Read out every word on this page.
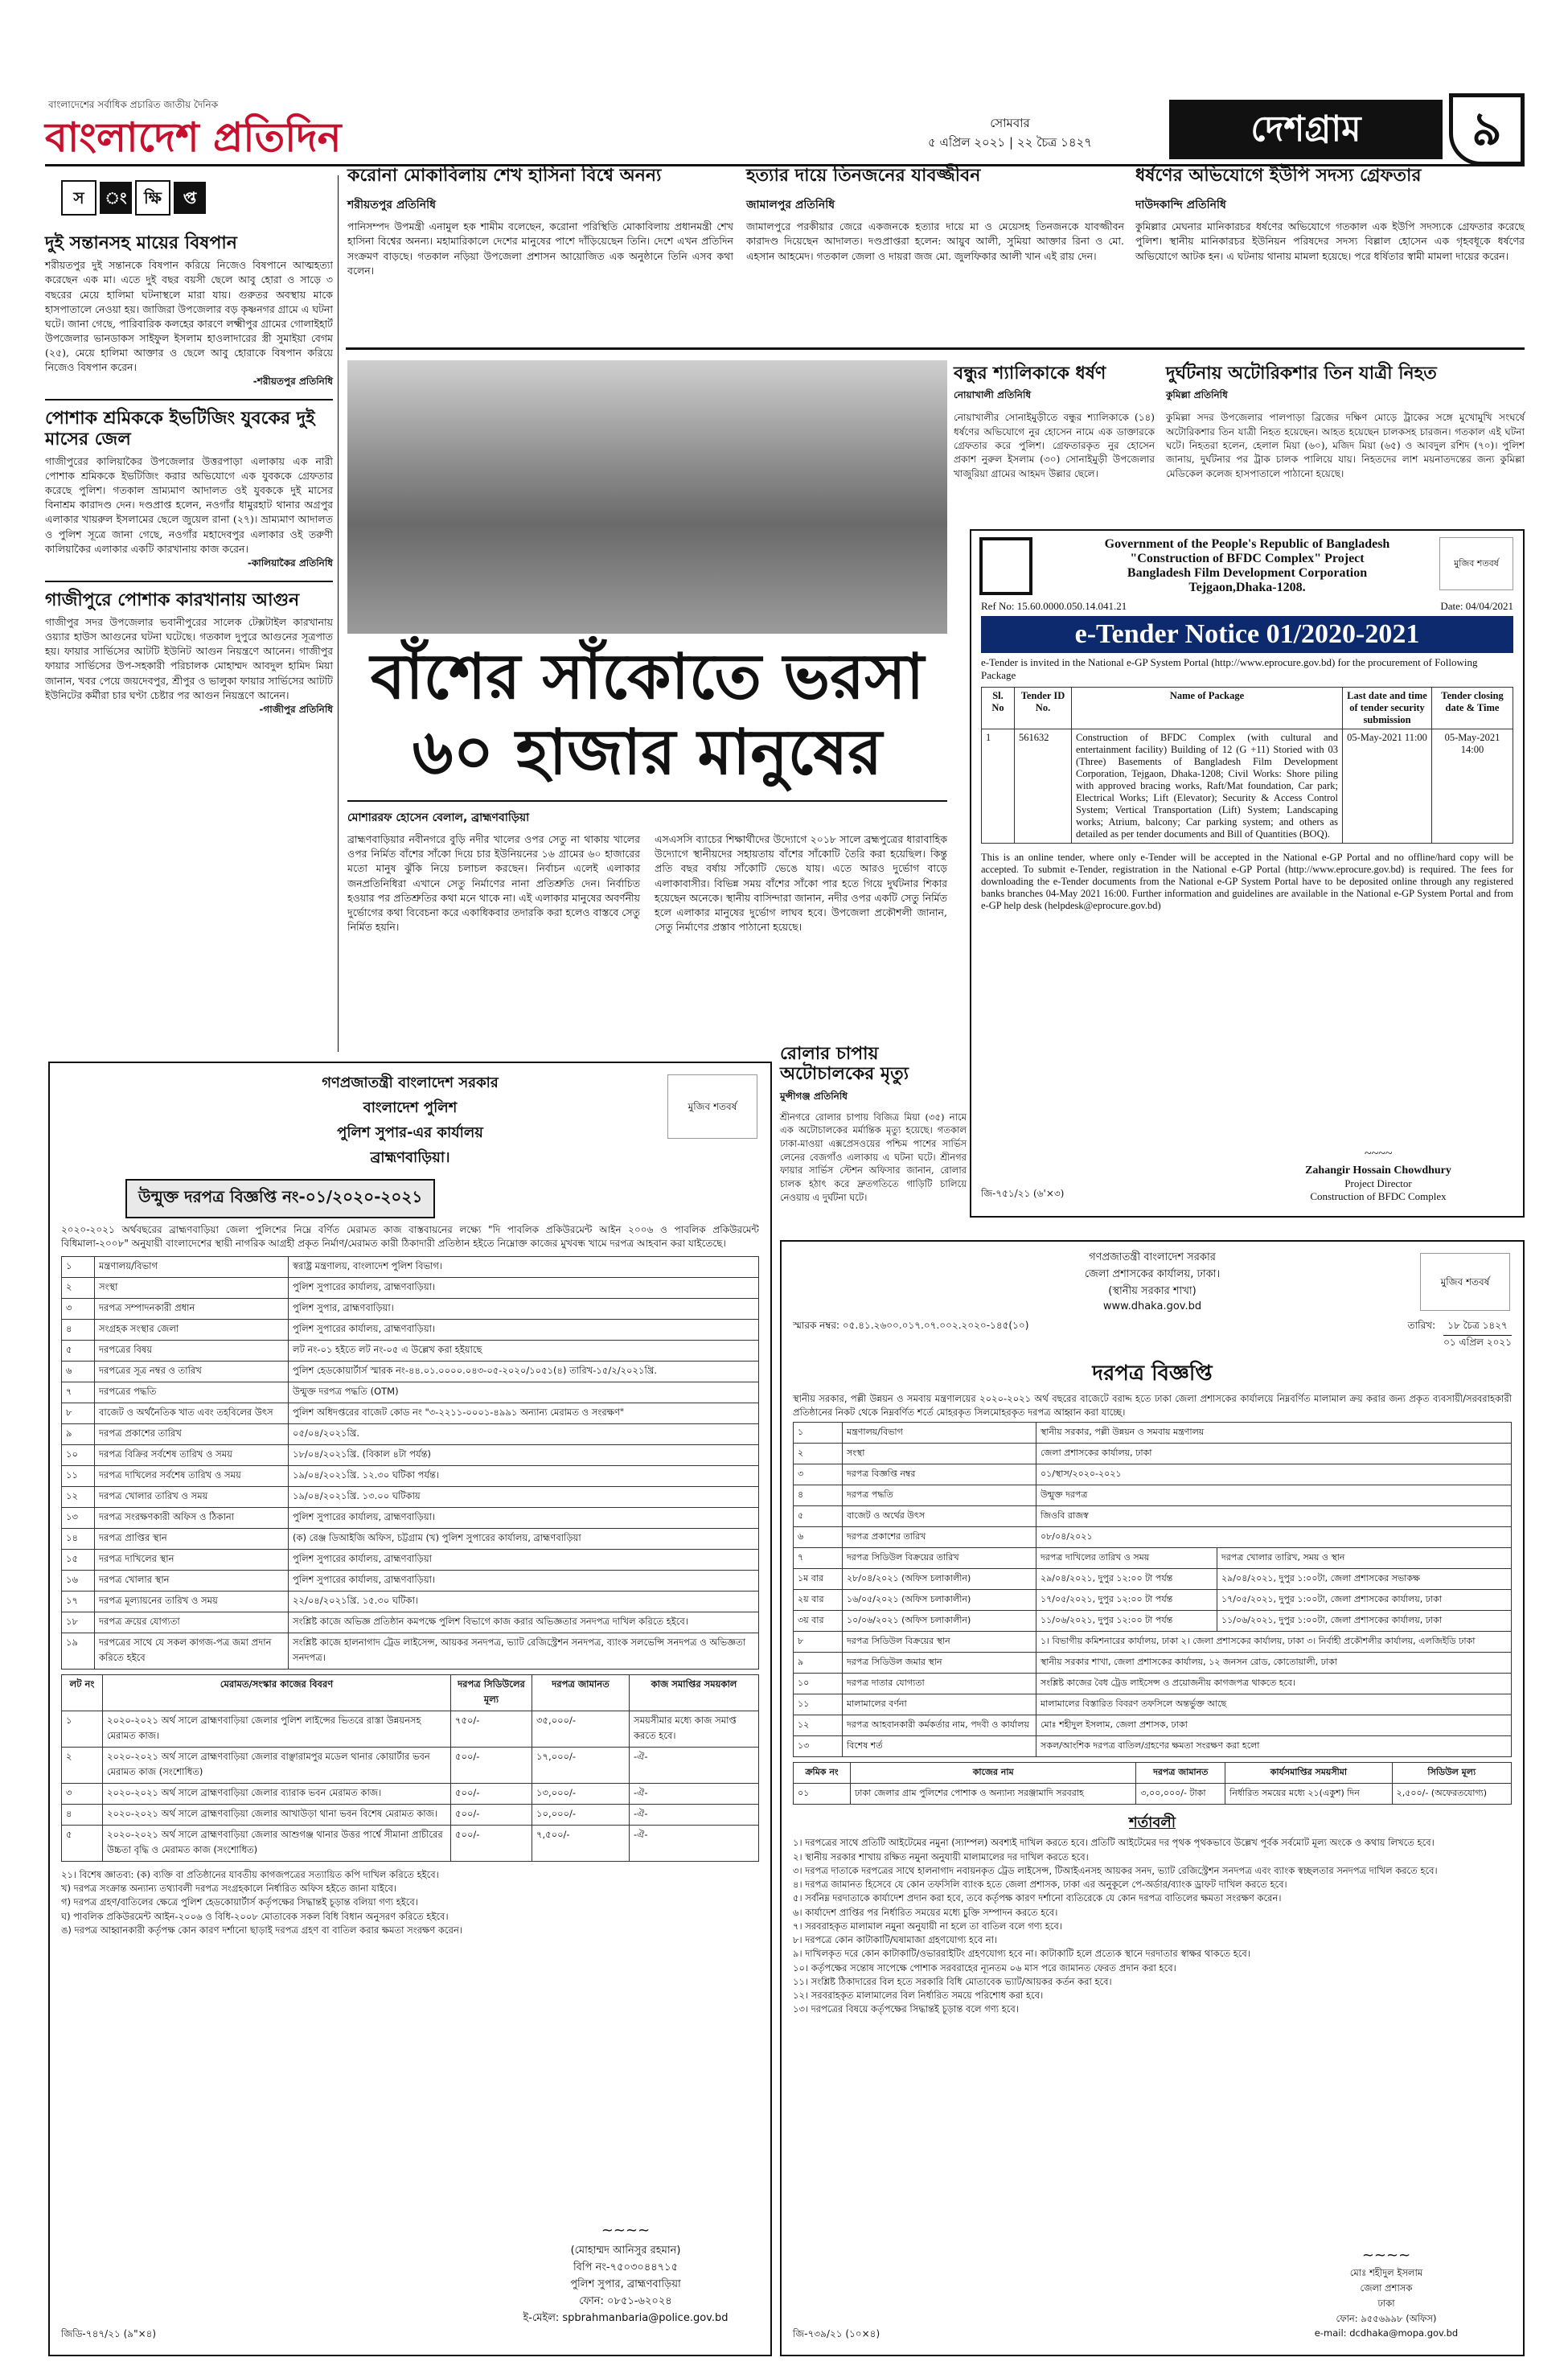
বাংলাদেশের সর্বাধিক প্রচারিত জাতীয় দৈনিক
বাংলাদেশ প্রতিদিন	সোমবার
৫ এপ্রিল ২০২১ | ২২ চৈত্র ১৪২৭	দেশগ্রাম	৯
স ং ক্ষি প্ত
দুই সন্তানসহ মায়ের বিষপান
শরীয়তপুর দুই সন্তানকে বিষপান করিয়ে নিজেও বিষপানে আত্মহত্যা করেছেন এক মা। এতে দুই বছর বয়সী ছেলে আবু হোরা ও সাড়ে ৩ বছরের মেয়ে হালিমা ঘটনাস্থলে মারা যায়। গুরুতর অবস্থায় মাকে হাসপাতালে নেওয়া হয়। জাজিরা উপজেলার বড় কৃষ্ণনগর গ্রামে এ ঘটনা ঘটে। জানা গেছে, পারিবারিক কলহের কারণে লক্ষ্মীপুর গ্রামের গোলাইহার্ট উপজেলার ভানডাকস সাইফুল ইসলাম হাওলাদারের স্ত্রী সুমাইয়া বেগম (২৫), মেয়ে হালিমা আক্তার ও ছেলে আবু হোরাকে বিষপান করিয়ে নিজেও বিষপান করেন।
-শরীয়তপুর প্রতিনিধি
পোশাক শ্রমিককে ইভটিজিং যুবকের দুই মাসের জেল
গাজীপুরের কালিয়াকৈর উপজেলার উত্তরপাড়া এলাকায় এক নারী পোশাক শ্রমিককে ইভটিজিং করার অভিযোগে এক যুবককে গ্রেফতার করেছে পুলিশ। গতকাল ভ্রাম্যমাণ আদালত ওই যুবককে দুই মাসের বিনাশ্রম কারাদণ্ড দেন। দণ্ডপ্রাপ্ত হলেন, নওগাঁর ধামুরহাট থানার অগ্রপুর এলাকার খায়রুল ইসলামের ছেলে জুয়েল রানা (২৭)। ভ্রাম্যমাণ আদালত ও পুলিশ সূত্রে জানা গেছে, নওগাঁর মহাদেবপুর এলাকার ওই তরুণী কালিয়াকৈর এলাকার একটি কারখানায় কাজ করেন।
-কালিয়াকৈর প্রতিনিধি
গাজীপুরে পোশাক কারখানায় আগুন
গাজীপুর সদর উপজেলার ভবানীপুরের সালেক টেক্সটাইল কারখানায় ওয়্যার হাউস আগুনের ঘটনা ঘটেছে। গতকাল দুপুরে আগুনের সূত্রপাত হয়। ফায়ার সার্ভিসের আটটি ইউনিট আগুন নিয়ন্ত্রণে আনেন। গাজীপুর ফায়ার সার্ভিসের উপ-সহকারী পরিচালক মোহাম্মদ আবদুল হামিদ মিয়া জানান, খবর পেয়ে জয়দেবপুর, শ্রীপুর ও ভালুকা ফায়ার সার্ভিসের আটটি ইউনিটের কর্মীরা চার ঘণ্টা চেষ্টার পর আগুন নিয়ন্ত্রণে আনেন।
-গাজীপুর প্রতিনিধি
করোনা মোকাবিলায় শেখ হাসিনা বিশ্বে অনন্য
শরীয়তপুর প্রতিনিধি
পানিসম্পদ উপমন্ত্রী এনামুল হক শামীম বলেছেন, করোনা পরিস্থিতি মোকাবিলায় প্রধানমন্ত্রী শেখ হাসিনা বিশ্বের অনন্য। মহামারিকালে দেশের মানুষের পাশে দাঁড়িয়েছেন তিনি। দেশে এখন প্রতিদিন সংক্রমণ বাড়ছে। গতকাল নড়িয়া উপজেলা প্রশাসন আয়োজিত এক অনুষ্ঠানে তিনি এসব কথা বলেন।
হত্যার দায়ে তিনজনের যাবজ্জীবন
জামালপুর প্রতিনিধি
জামালপুরে পরকীয়ার জেরে একজনকে হত্যার দায়ে মা ও মেয়েসহ তিনজনকে যাবজ্জীবন কারাদণ্ড দিয়েছেন আদালত। দণ্ডপ্রাপ্তরা হলেন: আয়ুব আলী, সুমিয়া আক্তার রিনা ও মো. এহসান আহমেদ। গতকাল জেলা ও দায়রা জজ মো. জুলফিকার আলী খান এই রায় দেন।
ধর্ষণের অভিযোগে ইউপি সদস্য গ্রেফতার
দাউদকান্দি প্রতিনিধি
কুমিল্লার মেঘনার মানিকারচর ধর্ষণের অভিযোগে গতকাল এক ইউপি সদস্যকে গ্রেফতার করেছে পুলিশ। স্থানীয় মানিকারচর ইউনিয়ন পরিষদের সদস্য বিল্লাল হোসেন এক গৃহবধূকে ধর্ষণের অভিযোগে আটক হন। এ ঘটনায় থানায় মামলা হয়েছে। পরে ধর্ষিতার স্বামী মামলা দায়ের করেন।
বাঁশের সাঁকোতে ভরসা
৬০ হাজার মানুষের
মোশাররফ হোসেন বেলাল, ব্রাহ্মণবাড়িয়া
ব্রাহ্মণবাড়িয়ার নবীনগরে বুড়ি নদীর খালের ওপর সেতু না থাকায় খালের ওপর নির্মিত বাঁশের সাঁকো দিয়ে চার ইউনিয়নের ১৬ গ্রামের ৬০ হাজারের মতো মানুষ ঝুঁকি নিয়ে চলাচল করছেন। নির্বাচন এলেই এলাকার জনপ্রতিনিধিরা এখানে সেতু নির্মাণের নানা প্রতিশ্রুতি দেন। নির্বাচিত হওয়ার পর প্রতিশ্রুতির কথা মনে থাকে না। এই এলাকার মানুষের অবর্ণনীয় দুর্ভোগের কথা বিবেচনা করে একাধিকবার তদারকি করা হলেও বাস্তবে সেতু নির্মিত হয়নি।
এসএসসি ব্যাচের শিক্ষার্থীদের উদ্যোগে ২০১৮ সালে ব্রহ্মপুত্রের ধারাবাহিক উদ্যোগে স্থানীয়দের সহায়তায় বাঁশের সাঁকোটি তৈরি করা হয়েছিল। কিন্তু প্রতি বছর বর্ষায় সাঁকোটি ভেঙে যায়। এতে আরও দুর্ভোগ বাড়ে এলাকাবাসীর। বিভিন্ন সময় বাঁশের সাঁকো পার হতে গিয়ে দুর্ঘটনার শিকার হয়েছেন অনেকে। স্থানীয় বাসিন্দারা জানান, নদীর ওপর একটি সেতু নির্মিত হলে এলাকার মানুষের দুর্ভোগ লাঘব হবে। উপজেলা প্রকৌশলী জানান, সেতু নির্মাণের প্রস্তাব পাঠানো হয়েছে।
বন্ধুর শ্যালিকাকে ধর্ষণ
নোয়াখালী প্রতিনিধি
নোয়াখালীর সোনাইমুড়ীতে বন্ধুর শ্যালিকাকে (১৪) ধর্ষণের অভিযোগে নুর হোসেন নামে এক ডাক্তারকে গ্রেফতার করে পুলিশ। গ্রেফতারকৃত নুর হোসেন প্রকাশ নুরুল ইসলাম (৩০) সোনাইমুড়ী উপজেলার খাজুরিয়া গ্রামের আহমদ উল্লার ছেলে।
দুর্ঘটনায় অটোরিকশার তিন যাত্রী নিহত
কুমিল্লা প্রতিনিধি
কুমিল্লা সদর উপজেলার পালপাড়া ব্রিজের দক্ষিণ মোড়ে ট্রাকের সঙ্গে মুখোমুখি সংঘর্ষে অটোরিকশার তিন যাত্রী নিহত হয়েছেন। আহত হয়েছেন চালকসহ চারজন। গতকাল এই ঘটনা ঘটে। নিহতরা হলেন, হেলাল মিয়া (৬০), মজিদ মিয়া (৬৫) ও আবদুল রশিদ (৭০)। পুলিশ জানায়, দুর্ঘটনার পর ট্রাক চালক পালিয়ে যায়। নিহতদের লাশ ময়নাতদন্তের জন্য কুমিল্লা মেডিকেল কলেজ হাসপাতালে পাঠানো হয়েছে।
রোলার চাপায় অটোচালকের মৃত্যু
মুন্সীগঞ্জ প্রতিনিধি
শ্রীনগরে রোলার চাপায় বিজিত্র মিয়া (৩৫) নামে এক অটোচালকের মর্মান্তিক মৃত্যু হয়েছে। গতকাল ঢাকা-মাওয়া এক্সপ্রেসওয়ের পশ্চিম পাশের সার্ভিস লেনের বেজগাঁও এলাকায় এ ঘটনা ঘটে। শ্রীনগর ফায়ার সার্ভিস স্টেশন অফিসার জানান, রোলার চালক হঠাৎ করে দ্রুতগতিতে গাড়িটি চালিয়ে নেওয়ায় এ দুর্ঘটনা ঘটে।
মুজিব শতবর্ষ
Government of the People's Republic of Bangladesh
"Construction of BFDC Complex" Project
Bangladesh Film Development Corporation
Tejgaon,Dhaka-1208.
Ref No: 15.60.0000.050.14.041.21	Date: 04/04/2021
e-Tender Notice 01/2020-2021
e-Tender is invited in the National e-GP System Portal (http://www.eprocure.gov.bd) for the procurement of Following Package
Sl. No	Tender ID No.	Name of Package	Last date and time of tender security submission	Tender closing date & Time
1	561632	Construction of BFDC Complex (with cultural and entertainment facility) Building of 12 (G +11) Storied with 03 (Three) Basements of Bangladesh Film Development Corporation, Tejgaon, Dhaka-1208; Civil Works: Shore piling with approved bracing works, Raft/Mat foundation, Car park; Electrical Works; Lift (Elevator); Security & Access Control System; Vertical Transportation (Lift) System; Landscaping works; Atrium, balcony; Car parking system; and others as detailed as per tender documents and Bill of Quantities (BOQ).	05-May-2021 11:00	05-May-2021 14:00
This is an online tender, where only e-Tender will be accepted in the National e-GP Portal and no offline/hard copy will be accepted. To submit e-Tender, registration in the National e-GP Portal (http://www.eprocure.gov.bd) is required. The fees for downloading the e-Tender documents from the National e-GP System Portal have to be deposited online through any registered banks branches 04-May 2021 16:00. Further information and guidelines are available in the National e-GP System Portal and from e-GP help desk (helpdesk@eprocure.gov.bd)
~~~~
Zahangir Hossain Chowdhury
Project Director
Construction of BFDC Complex
জি-৭৫১/২১ (৬'×৩)
মুজিব শতবর্ষ
গণপ্রজাতন্ত্রী বাংলাদেশ সরকার
বাংলাদেশ পুলিশ
পুলিশ সুপার-এর কার্যালয়
ব্রাহ্মণবাড়িয়া।
উন্মুক্ত দরপত্র বিজ্ঞপ্তি নং-০১/২০২০-২০২১
২০২০-২০২১ অর্থবছরের ব্রাহ্মণবাড়িয়া জেলা পুলিশের নিম্নে বর্ণিত মেরামত কাজ বাস্তবায়নের লক্ষ্যে "দি পাবলিক প্রকিউরমেন্ট আইন ২০০৬ ও পাবলিক প্রকিউরমেন্ট বিধিমালা-২০০৮" অনুযায়ী বাংলাদেশের স্থায়ী নাগরিক আগ্রহী প্রকৃত নির্মাণ/মেরামত কারী ঠিকাদারী প্রতিষ্ঠান হইতে নিম্নোক্ত কাজের মুখবন্ধ খামে দরপত্র আহবান করা যাইতেছে।
১	মন্ত্রণালয়/বিভাগ	স্বরাষ্ট্র মন্ত্রণালয়, বাংলাদেশ পুলিশ বিভাগ।
২	সংস্থা	পুলিশ সুপারের কার্যালয়, ব্রাহ্মণবাড়িয়া।
৩	দরপত্র সম্পাদনকারী প্রধান	পুলিশ সুপার, ব্রাহ্মণবাড়িয়া।
৪	সংগ্রহক সংস্থার জেলা	পুলিশ সুপারের কার্যালয়, ব্রাহ্মণবাড়িয়া।
৫	দরপত্রের বিষয়	লট নং-০১ হইতে লট নং-০৫ এ উল্লেখ করা হইয়াছে
৬	দরপত্রের সূত্র নম্বর ও তারিখ	পুলিশ হেডকোয়ার্টার্স স্মারক নং-৪৪.০১.০০০০.০৪৩-০৫-২০২০/১০৫১(৪) তারিখ-১৫/২/২০২১খ্রি.
৭	দরপত্রের পদ্ধতি	উন্মুক্ত দরপত্র পদ্ধতি (OTM)
৮	বাজেট ও অর্থনৈতিক খাত এবং তহবিলের উৎস	পুলিশ অধিদপ্তরের বাজেট কোড নং "৩-২২১১-০০০১-৪৯৯১ অন্যান্য মেরামত ও সংরক্ষণ"
৯	দরপত্র প্রকাশের তারিখ	০৫/০৪/২০২১খ্রি.
১০	দরপত্র বিক্রির সর্বশেষ তারিখ ও সময়	১৮/০৪/২০২১খ্রি. (বিকাল ৪টা পর্যন্ত)
১১	দরপত্র দাখিলের সর্বশেষ তারিখ ও সময়	১৯/০৪/২০২১খ্রি. ১২.৩০ ঘটিকা পর্যন্ত।
১২	দরপত্র খোলার তারিখ ও সময়	১৯/০৪/২০২১খ্রি. ১৩.০০ ঘটিকায়
১৩	দরপত্র সংরক্ষণকারী অফিস ও ঠিকানা	পুলিশ সুপারের কার্যালয়, ব্রাহ্মণবাড়িয়া।
১৪	দরপত্র প্রাপ্তির স্থান	(ক) রেঞ্জ ডিআইজি অফিস, চট্টগ্রাম (খ) পুলিশ সুপারের কার্যালয়, ব্রাহ্মণবাড়িয়া
১৫	দরপত্র দাখিলের স্থান	পুলিশ সুপারের কার্যালয়, ব্রাহ্মণবাড়িয়া
১৬	দরপত্র খোলার স্থান	পুলিশ সুপারের কার্যালয়, ব্রাহ্মণবাড়িয়া।
১৭	দরপত্র মূল্যায়নের তারিখ ও সময়	২২/০৪/২০২১খ্রি. ১৫.৩০ ঘটিকা।
১৮	দরপত্র ক্রয়ের যোগ্যতা	সংশ্লিষ্ট কাজে অভিজ্ঞ প্রতিষ্ঠান কমপক্ষে পুলিশ বিভাগে কাজ করার অভিজ্ঞতার সনদপত্র দাখিল করিতে হইবে।
১৯	দরপত্রের সাথে যে সকল কাগজ-পত্র জমা প্রদান করিতে হইবে	সংশ্লিষ্ট কাজে হালনাগাদ ট্রেড লাইসেন্স, আয়কর সনদপত্র, ভ্যাট রেজিস্ট্রেশন সনদপত্র, ব্যাংক সলভেন্সি সনদপত্র ও অভিজ্ঞতা সনদপত্র।
লট নং	মেরামত/সংস্কার কাজের বিবরণ	দরপত্র সিডিউলের মূল্য	দরপত্র জামানত	কাজ সমাপ্তির সময়কাল
১	২০২০-২০২১ অর্থ সালে ব্রাহ্মণবাড়িয়া জেলার পুলিশ লাইন্সের ভিতরে রাস্তা উন্নয়নসহ মেরামত কাজ।	৭৫০/-	৩৫,০০০/-	সময়সীমার মধ্যে কাজ সমাপ্ত করতে হবে।
২	২০২০-২০২১ অর্থ সালে ব্রাহ্মণবাড়িয়া জেলার বাঞ্ছারামপুর মডেল থানার কোয়ার্টার ভবন মেরামত কাজ (সংশোধিত)	৫০০/-	১৭,০০০/-	-ঐ-
৩	২০২০-২০২১ অর্থ সালে ব্রাহ্মণবাড়িয়া জেলার ব্যারাক ভবন মেরামত কাজ।	৫০০/-	১৩,০০০/-	-ঐ-
৪	২০২০-২০২১ অর্থ সালে ব্রাহ্মণবাড়িয়া জেলার আখাউড়া থানা ভবন বিশেষ মেরামত কাজ।	৫০০/-	১০,০০০/-	-ঐ-
৫	২০২০-২০২১ অর্থ সালে ব্রাহ্মণবাড়িয়া জেলার আশুগঞ্জ থানার উত্তর পার্শ্বে সীমানা প্রাচীরের উচ্চতা বৃদ্ধি ও মেরামত কাজ (সংশোধিত)	৫০০/-	৭,৫০০/-	-ঐ-
২১। বিশেষ জ্ঞাতব্য: (ক) ব্যক্তি বা প্রতিষ্ঠানের যাবতীয় কাগজপত্রের সত্যায়িত কপি দাখিল করিতে হইবে।
খ) দরপত্র সংক্রান্ত অন্যান্য তথ্যাবলী দরপত্র সংগ্রহকালে নির্ধারিত অফিস হইতে জানা যাইবে।
গ) দরপত্র গ্রহণ/বাতিলের ক্ষেত্রে পুলিশ হেডকোয়ার্টার্স কর্তৃপক্ষের সিদ্ধান্তই চূড়ান্ত বলিয়া গণ্য হইবে।
ঘ) পাবলিক প্রকিউরমেন্ট আইন-২০০৬ ও বিধি-২০০৮ মোতাবেক সকল বিধি বিধান অনুসরণ করিতে হইবে।
ঙ) দরপত্র আহ্বানকারী কর্তৃপক্ষ কোন কারণ দর্শানো ছাড়াই দরপত্র গ্রহণ বা বাতিল করার ক্ষমতা সংরক্ষণ করেন।
~~~~
(মোহাম্মদ আনিসুর রহমান)
বিপি নং-৭৫০৩০৪৪৭১৫
পুলিশ সুপার, ব্রাহ্মণবাড়িয়া
ফোন: ০৮৫১-৬২০২৪
ই-মেইল: spbrahmanbaria@police.gov.bd
জিডি-৭৪৭/২১ (৯"×৪)
মুজিব শতবর্ষ
গণপ্রজাতন্ত্রী বাংলাদেশ সরকার
জেলা প্রশাসকের কার্যালয়, ঢাকা।
(স্থানীয় সরকার শাখা)
www.dhaka.gov.bd
স্মারক নম্বর: ০৫.৪১.২৬০০.০১৭.০৭.০০২.২০২০-১৪৫(১০)	তারিখ:	১৮ চৈত্র ১৪২৭
০১ এপ্রিল ২০২১
দরপত্র বিজ্ঞপ্তি
স্থানীয় সরকার, পল্লী উন্নয়ন ও সমবায় মন্ত্রণালয়ের ২০২০-২০২১ অর্থ বছরের বাজেটে বরাদ্দ হতে ঢাকা জেলা প্রশাসকের কার্যালয়ে নিম্নবর্ণিত মালামাল ক্রয় করার জন্য প্রকৃত ব্যবসায়ী/সরবরাহকারী প্রতিষ্ঠানের নিকট থেকে নিম্নবর্ণিত শর্তে মোহরকৃত সিলমোহরকৃত দরপত্র আহ্বান করা যাচ্ছে।
১	মন্ত্রণালয়/বিভাগ	স্থানীয় সরকার, পল্লী উন্নয়ন ও সমবায় মন্ত্রণালয়	
২	সংস্থা	জেলা প্রশাসকের কার্যালয়, ঢাকা	
৩	দরপত্র বিজ্ঞপ্তি নম্বর	০১/স্থাস/২০২০-২০২১	
৪	দরপত্র পদ্ধতি	উন্মুক্ত দরপত্র	
৫	বাজেট ও অর্থের উৎস	জিওবি রাজস্ব	
৬	দরপত্র প্রকাশের তারিখ	০৮/০৪/২০২১	
৭	দরপত্র সিডিউল বিক্রয়ের তারিখ	দরপত্র দাখিলের তারিখ ও সময়	দরপত্র খোলার তারিখ, সময় ও স্থান
১ম বার	২৮/০৪/২০২১ (অফিস চলাকালীন)	২৯/০৪/২০২১, দুপুর ১২:০০ টা পর্যন্ত	২৯/০৪/২০২১, দুপুর ১:০০টা, জেলা প্রশাসকের সভাকক্ষ
২য় বার	১৬/০৫/২০২১ (অফিস চলাকালীন)	১৭/০৫/২০২১, দুপুর ১২:০০ টা পর্যন্ত	১৭/০৫/২০২১, দুপুর ১:০০টা, জেলা প্রশাসকের কার্যালয়, ঢাকা
৩য় বার	১০/০৬/২০২১ (অফিস চলাকালীন)	১১/০৬/২০২১, দুপুর ১২:০০ টা পর্যন্ত	১১/০৬/২০২১, দুপুর ১:০০টা, জেলা প্রশাসকের কার্যালয়, ঢাকা
৮	দরপত্র সিডিউল বিক্রয়ের স্থান	১। বিভাগীয় কমিশনারের কার্যালয়, ঢাকা ২। জেলা প্রশাসকের কার্যালয়, ঢাকা ৩। নির্বাহী প্রকৌশলীর কার্যালয়, এলজিইডি ঢাকা	
৯	দরপত্র সিডিউল জমার স্থান	স্থানীয় সরকার শাখা, জেলা প্রশাসকের কার্যালয়, ১২ জনসন রোড, কোতোয়ালী, ঢাকা	
১০	দরপত্র দাতার যোগ্যতা	সংশ্লিষ্ট কাজের বৈধ ট্রেড লাইসেন্স ও প্রয়োজনীয় কাগজপত্র থাকতে হবে।	
১১	মালামালের বর্ণনা	মালামালের বিস্তারিত বিবরণ তফসিলে অন্তর্ভুক্ত আছে	
১২	দরপত্র আহবানকারী কর্মকর্তার নাম, পদবী ও কার্যালয়	মোঃ শহীদুল ইসলাম, জেলা প্রশাসক, ঢাকা	
১৩	বিশেষ শর্ত	সকল/আংশিক দরপত্র বাতিল/গ্রহণের ক্ষমতা সংরক্ষণ করা হলো	
ক্রমিক নং	কাজের নাম	দরপত্র জামানত	কার্যসমাপ্তির সময়সীমা	সিডিউল মূল্য
০১	ঢাকা জেলার গ্রাম পুলিশের পোশাক ও অন্যান্য সরঞ্জামাদি সরবরাহ	৩,০০,০০০/- টাকা	নির্ধারিত সময়ের মধ্যে ২১(একুশ) দিন	২,৫০০/- (অফেরতযোগ্য)
শর্তাবলী
১। দরপত্রের সাথে প্রতিটি আইটেমের নমুনা (স্যাম্পল) অবশ্যই দাখিল করতে হবে। প্রতিটি আইটেমের দর পৃথক পৃথকভাবে উল্লেখ পূর্বক সর্বমোট মূল্য অংকে ও কথায় লিখতে হবে।
২। স্থানীয় সরকার শাখায় রক্ষিত নমুনা অনুযায়ী মালামালের দর দাখিল করতে হবে।
৩। দরপত্র দাতাকে দরপত্রের সাথে হালনাগাদ নবায়নকৃত ট্রেড লাইসেন্স, টিআইএনসহ আয়কর সনদ, ভ্যাট রেজিস্ট্রেশন সনদপত্র এবং ব্যাংক স্বচ্ছলতার সনদপত্র দাখিল করতে হবে।
৪। দরপত্র জামানত হিসেবে যে কোন তফসিলি ব্যাংক হতে জেলা প্রশাসক, ঢাকা এর অনুকূলে পে-অর্ডার/ব্যাংক ড্রাফট দাখিল করতে হবে।
৫। সর্বনিম্ন দরদাতাকে কার্যাদেশ প্রদান করা হবে, তবে কর্তৃপক্ষ কারণ দর্শানো ব্যতিরেকে যে কোন দরপত্র বাতিলের ক্ষমতা সংরক্ষণ করেন।
৬। কার্যাদেশ প্রাপ্তির পর নির্ধারিত সময়ের মধ্যে চুক্তি সম্পাদন করতে হবে।
৭। সরবরাহকৃত মালামাল নমুনা অনুযায়ী না হলে তা বাতিল বলে গণ্য হবে।
৮। দরপত্রে কোন কাটাকাটি/ঘষামাজা গ্রহণযোগ্য হবে না।
৯। দাখিলকৃত দরে কোন কাটাকাটি/ওভাররাইটিং গ্রহণযোগ্য হবে না। কাটাকাটি হলে প্রত্যেক স্থানে দরদাতার স্বাক্ষর থাকতে হবে।
১০। কর্তৃপক্ষের সন্তোষ সাপেক্ষে পোশাক সরবরাহের ন্যূনতম ০৬ মাস পরে জামানত ফেরত প্রদান করা হবে।
১১। সংশ্লিষ্ট ঠিকাদারের বিল হতে সরকারি বিধি মোতাবেক ভ্যাট/আয়কর কর্তন করা হবে।
১২। সরবরাহকৃত মালামালের বিল নির্ধারিত সময়ে পরিশোধ করা হবে।
১৩। দরপত্রের বিষয়ে কর্তৃপক্ষের সিদ্ধান্তই চূড়ান্ত বলে গণ্য হবে।
~~~~
মোঃ শহীদুল ইসলাম
জেলা প্রশাসক
ঢাকা
ফোন: ৯৫৫৬৯৯৮ (অফিস)
e-mail: dcdhaka@mopa.gov.bd
জি-৭৩৯/২১ (১০×৪)
